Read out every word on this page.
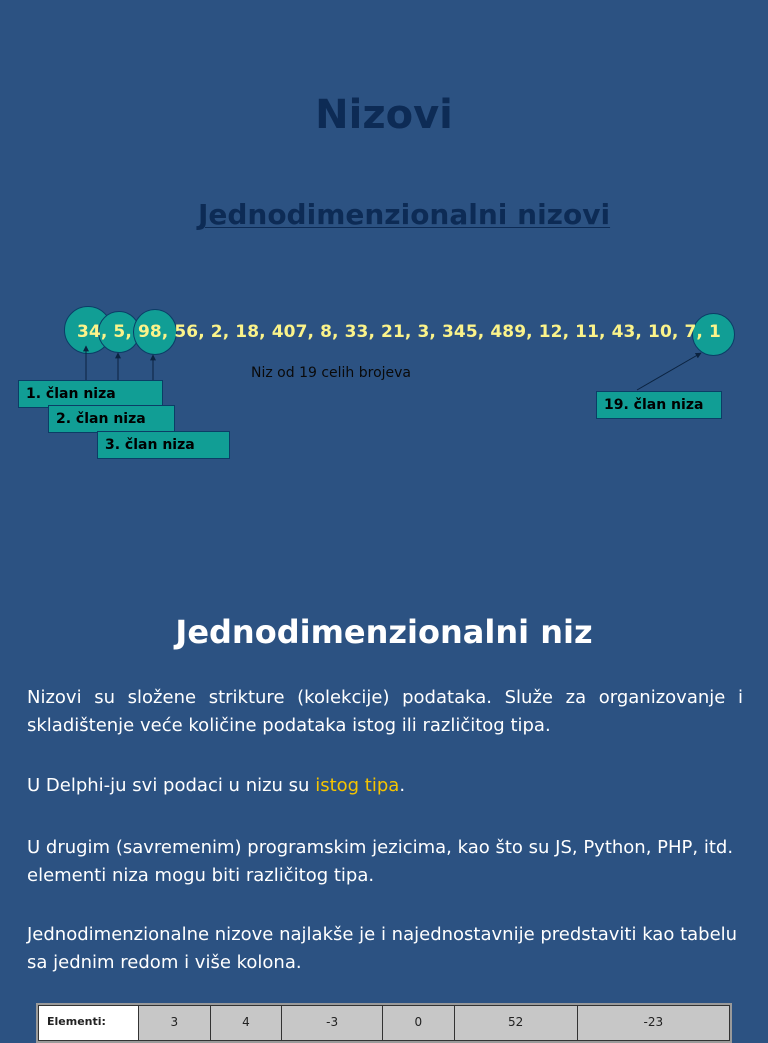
Nizovi
Jednodimenzionalni nizovi
34, 5, 98, 56, 2, 18, 407, 8, 33, 21, 3, 345, 489, 12, 11, 43, 10, 7, 1
Niz od 19 celih brojeva
1. član niza
2. član niza
3. član niza
19. član niza
Jednodimenzionalni niz

Nizovi su složene strikture (kolekcije) podataka. Služe za organizovanje i skladištenje veće količine podataka istog ili različitog tipa.

U Delphi-ju svi podaci u nizu su istog tipa.

U drugim (savremenim) programskim jezicima, kao što su JS, Python, PHP, itd. elementi niza mogu biti različitog tipa.

Jednodimenzionalne nizove najlakše je i najednostavnije predstaviti kao tabelu sa jednim redom i više kolona.

Elementi:	3	4	-3	0	52	-23
